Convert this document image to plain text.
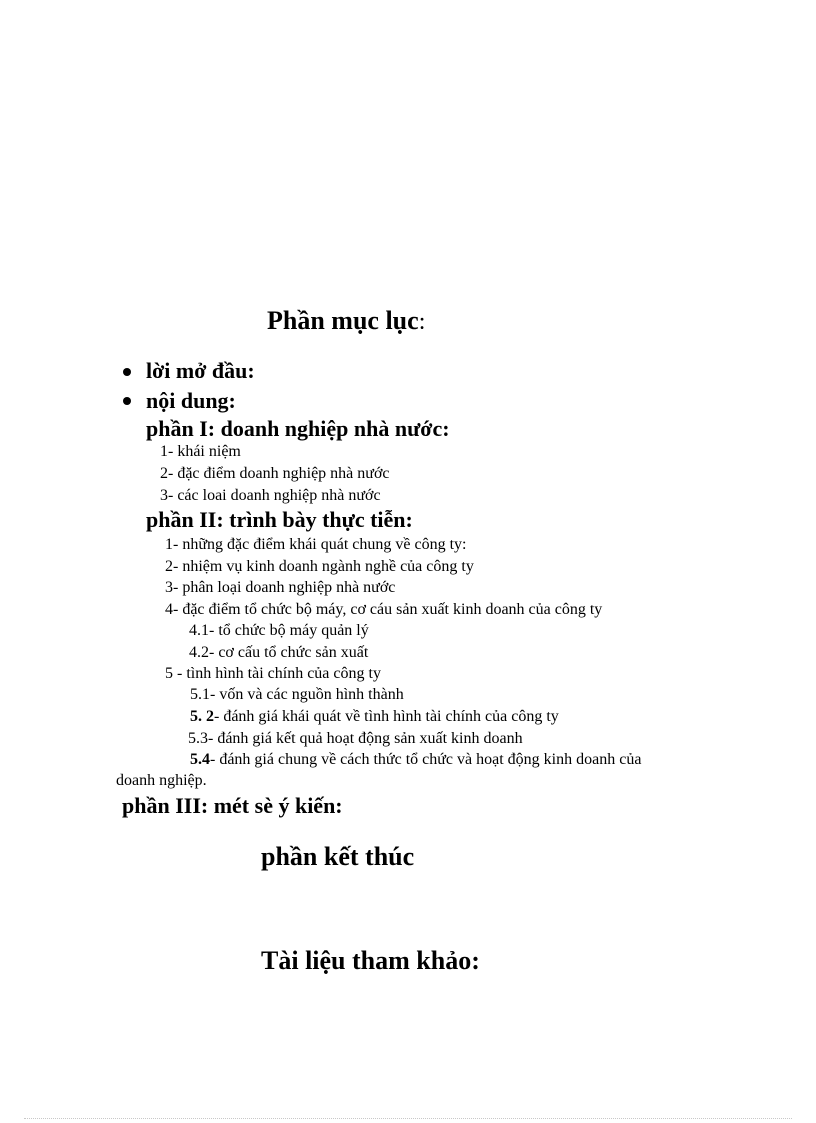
Phần mục lục:
lời mở đầu:
nội dung:
phần I: doanh nghiệp nhà nước:
1- khái niệm
2- đặc điểm doanh nghiệp nhà nước
3- các loai doanh nghiệp nhà nước
phần II: trình bày thực tiễn:
1- những đặc điểm khái quát chung về công ty:
2- nhiệm vụ kinh doanh ngành nghề của công ty
3- phân loại doanh nghiệp nhà nước
4- đặc điểm tổ chức bộ máy, cơ cáu sản xuất kinh doanh của công ty
4.1- tổ chức bộ máy quản lý
4.2- cơ cấu tổ chức sản xuất
5 - tình hình tài chính của công ty
5.1- vốn và các nguồn hình thành
5. 2- đánh giá khái quát về tình hình tài chính của công ty
5.3- đánh giá kết quả hoạt động sản xuất kinh doanh
5.4- đánh giá chung về cách thức tổ chức và hoạt động kinh doanh của
doanh nghiệp.
phần III: mét sè ý kiến:
phần kết thúc
Tài liệu tham khảo:
